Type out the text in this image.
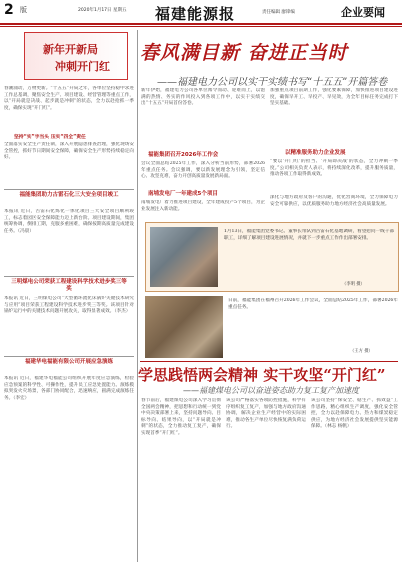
2 版	2020年1月17日 星期五 福建能源报	责任编辑 廖锋编	企业要闻
新年开新局
冲刺开门红
春风满目新 奋进正当时
——福建电力公司以实干实绩书写“十五五”开篇答卷
春潮涌动，万物更新。“十五五”开局之年，各单位坚持稳中求进工作总基调，聚焦安全生产、项目建设、经营管理等重点工作，以“开局就是决战、起步就是冲刺”的状态，全力以赴抢抓一季度，确保实现“开门红”。
坚持“实”字当头 压实“四全”责任
全面落实安全生产责任制，深入开展隐患排查治理，强化现场安全管控，抓好节日期间安全保障，确保安全生产形势持续稳定向好。
福能集团助力古雷石化三大安全项目竣工
本报讯 近日，古雷石化炼化一体化项目三大安全项目顺利竣工，标志着园区安全保障能力迈上新台阶。项目建设期间，集团统筹协调，倒排工期，克服多重困难，确保按期高质量完成建设任务。（冯晨）
三明煤电公司荣获工程建设科学技术进步奖三等奖
本报讯 近日，三明煤电公司“大型循环流化床锅炉关键技术研究与应用”项目荣获工程建设科学技术进步奖三等奖。该项目针对锅炉运行中的关键技术问题开展攻关，取得显著成效。（李杰）
福建华电福能有限公司开展应急演练
本报讯 近日，福建华电福能公司组织开展年度应急演练，检验应急预案的科学性、可操作性，提升员工应急处置能力。演练模拟突发火灾场景，各部门协同配合，迅速响应，圆满完成演练任务。（李宏）
新年伊始，福建电力公司各单位闻令而动、迎难而上，以饱满的热情、务实的作风投入到各项工作中，以实干实绩交出“十五五”开局首份答卷。
福能集团召开2026年工作会
会议全面总结2025年工作，深入分析当前形势，部署2026年重点任务。会议强调，要以新发展理念为引领，坚定信心、攻坚克难，奋力开创高质量发展新局面。
南埔发电厂一年建成5个项目
南埔发电厂着力推进项目建设，全年建成投产5个项目，为企业发展注入新动能。
加强重点项目前期工作，强化要素保障，加快推进项目建设进度，确保早开工、早投产、早见效，为全年目标任务完成打下坚实基础。
以精准服务助力企业发展
“要以‘开门红’的担当、‘开局即决战’的状态，全力冲刺一季度。”公司相关负责人表示，将持续深化改革，提升服务质量，推动各项工作取得新成效。
深化与地方政府及客户的沟通，优化营商环境，全力保障电力安全可靠供应，以优质服务助力地方经济社会高质量发展。
1月13日，福能集团党委书记、董事长带队到古雷石化基地调研，看望慰问一线干部职工，详细了解项目建设进展情况，并就下一步重点工作作出部署安排。
（李明 摄）
日前，福能集团在福州召开2026年工作会议，全面总结2025年工作，部署2026年重点任务。
（王方 摄）
学思践悟两会精神 实干攻坚“开门红”
——福建煤电公司以奋进姿态助力复工复产加速度
春节前后，福建煤电公司深入学习贯彻全国两会精神，把思想和行动统一到党中央决策部署上来，坚持问题导向、目标导向、结果导向，以“开局就是冲刺”的状态，全力推动复工复产，确保实现首季“开门红”。
该公司严格落实各项防控措施，科学有序组织复工复产，加强与地方政府沟通协调，解决企业生产经营中的实际困难，推动各生产单位尽快恢复满负荷运行。
该公司坚持“保安全、稳生产、抓效益”工作思路，精心组织生产调度，强化安全管控，全力以赴保障电力、热力和煤炭稳定供应，为地方经济社会发展提供坚实能源保障。（林志 杨帆）
